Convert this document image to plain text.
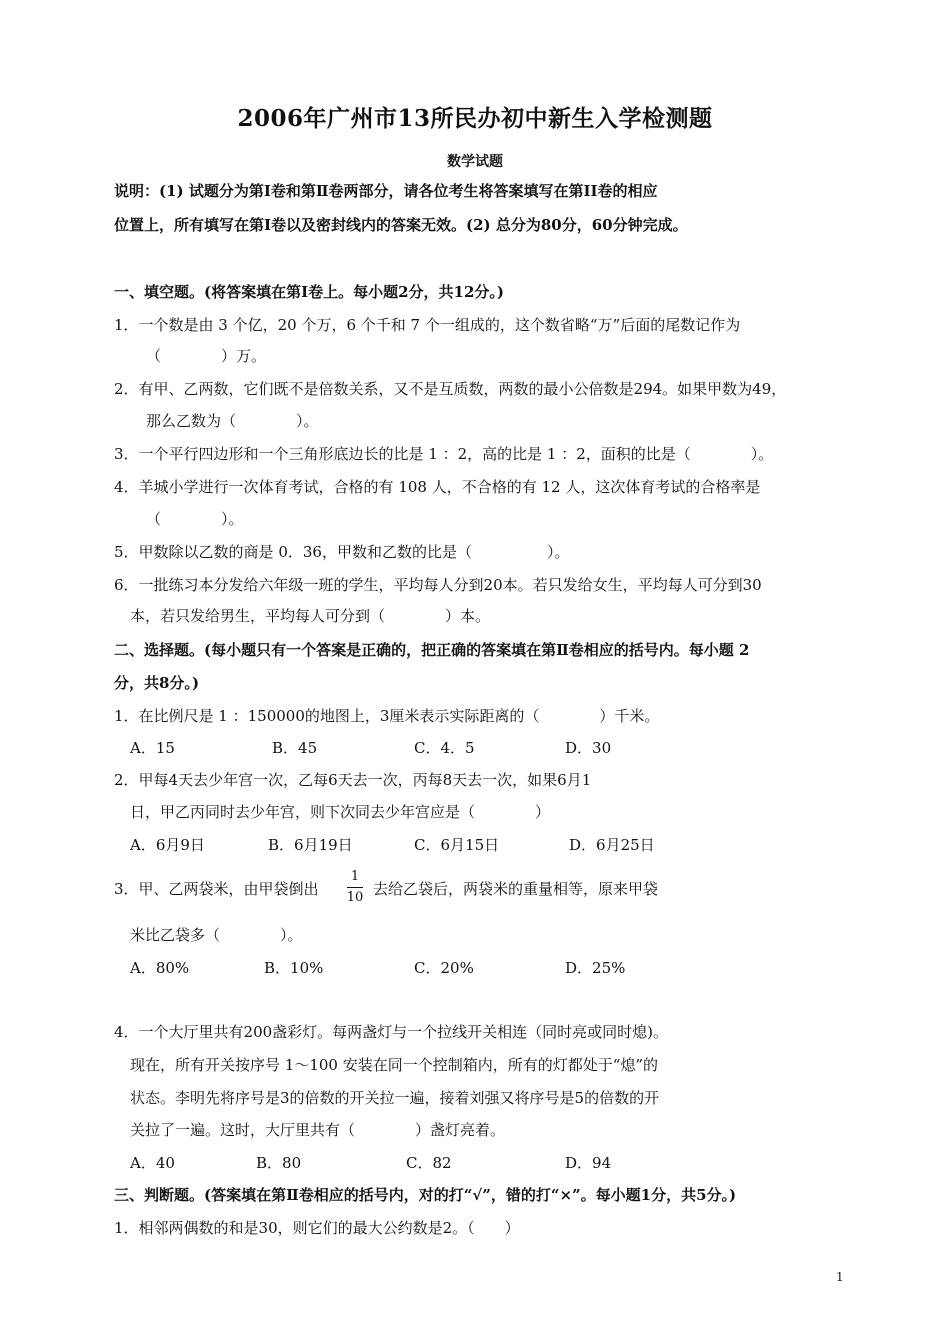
2006年广州市13所民办初中新生入学检测题
数学试题
说明：(1) 试题分为第Ⅰ卷和第Ⅱ卷两部分，请各位考生将答案填写在第II卷的相应
位置上，所有填写在第Ⅰ卷以及密封线内的答案无效。(2) 总分为80分，60分钟完成。
一、填空题。(将答案填在第Ⅰ卷上。每小题2分，共12分。)
1．一个数是由 3 个亿，20 个万，6 个千和 7 个一组成的，这个数省略“万”后面的尾数记作为
（　　　　）万。
2．有甲、乙两数，它们既不是倍数关系，又不是互质数，两数的最小公倍数是294。如果甲数为49，
那么乙数为（　　　　）。
3．一个平行四边形和一个三角形底边长的比是 1 ：2，高的比是 1 ：2，面积的比是（　　　　）。
4．羊城小学进行一次体育考试，合格的有 108 人，不合格的有 12 人，这次体育考试的合格率是
（　　　　）。
5．甲数除以乙数的商是 0．36，甲数和乙数的比是（　　　　　）。
6．一批练习本分发给六年级一班的学生，平均每人分到20本。若只发给女生，平均每人可分到30
本，若只发给男生，平均每人可分到（　　　　）本。
二、选择题。(每小题只有一个答案是正确的，把正确的答案填在第Ⅱ卷相应的括号内。每小题 2
分，共8分。)
1．在比例尺是 1 ：150000的地图上，3厘米表示实际距离的（　　　　）千米。
A．15	B．45	C．4．5	D．30
2．甲每4天去少年宫一次，乙每6天去一次，丙每8天去一次，如果6月1
日，甲乙丙同时去少年宫，则下次同去少年宫应是（　　　　）
A．6月9日	B．6月19日	C．6月15日	D．6月25日
3．甲、乙两袋米，由甲袋倒出
1
10 去给乙袋后，两袋米的重量相等，原来甲袋
米比乙袋多（　　　　）。
A．80%	B．10%	C．20%	D．25%
4．一个大厅里共有200盏彩灯。每两盏灯与一个拉线开关相连（同时亮或同时熄)。
现在，所有开关按序号 1～100 安装在同一个控制箱内，所有的灯都处于“熄”的
状态。李明先将序号是3的倍数的开关拉一遍，接着刘强又将序号是5的倍数的开
关拉了一遍。这时，大厅里共有（　　　　）盏灯亮着。
A．40	B．80	C．82	D．94
三、判断题。(答案填在第Ⅱ卷相应的括号内，对的打“√”，错的打“×”。每小题1分，共5分。)
1．相邻两偶数的和是30，则它们的最大公约数是2。（　　）
1
